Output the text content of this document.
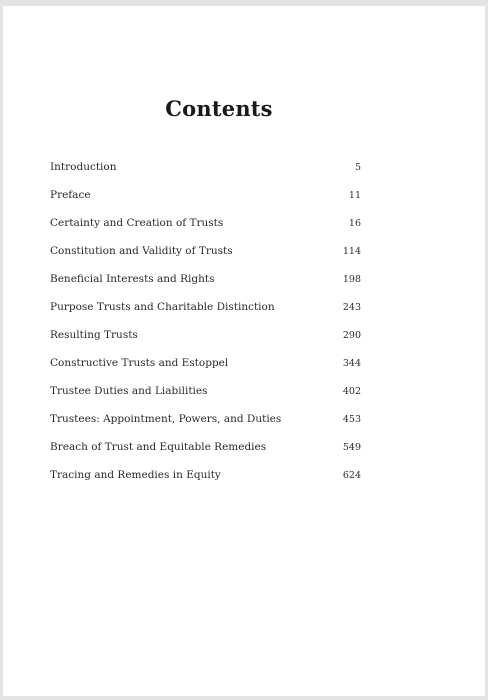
Contents
Introduction	5
Preface	11
Certainty and Creation of Trusts	16
Constitution and Validity of Trusts	114
Beneficial Interests and Rights	198
Purpose Trusts and Charitable Distinction	243
Resulting Trusts	290
Constructive Trusts and Estoppel	344
Trustee Duties and Liabilities	402
Trustees: Appointment, Powers, and Duties	453
Breach of Trust and Equitable Remedies	549
Tracing and Remedies in Equity	624
